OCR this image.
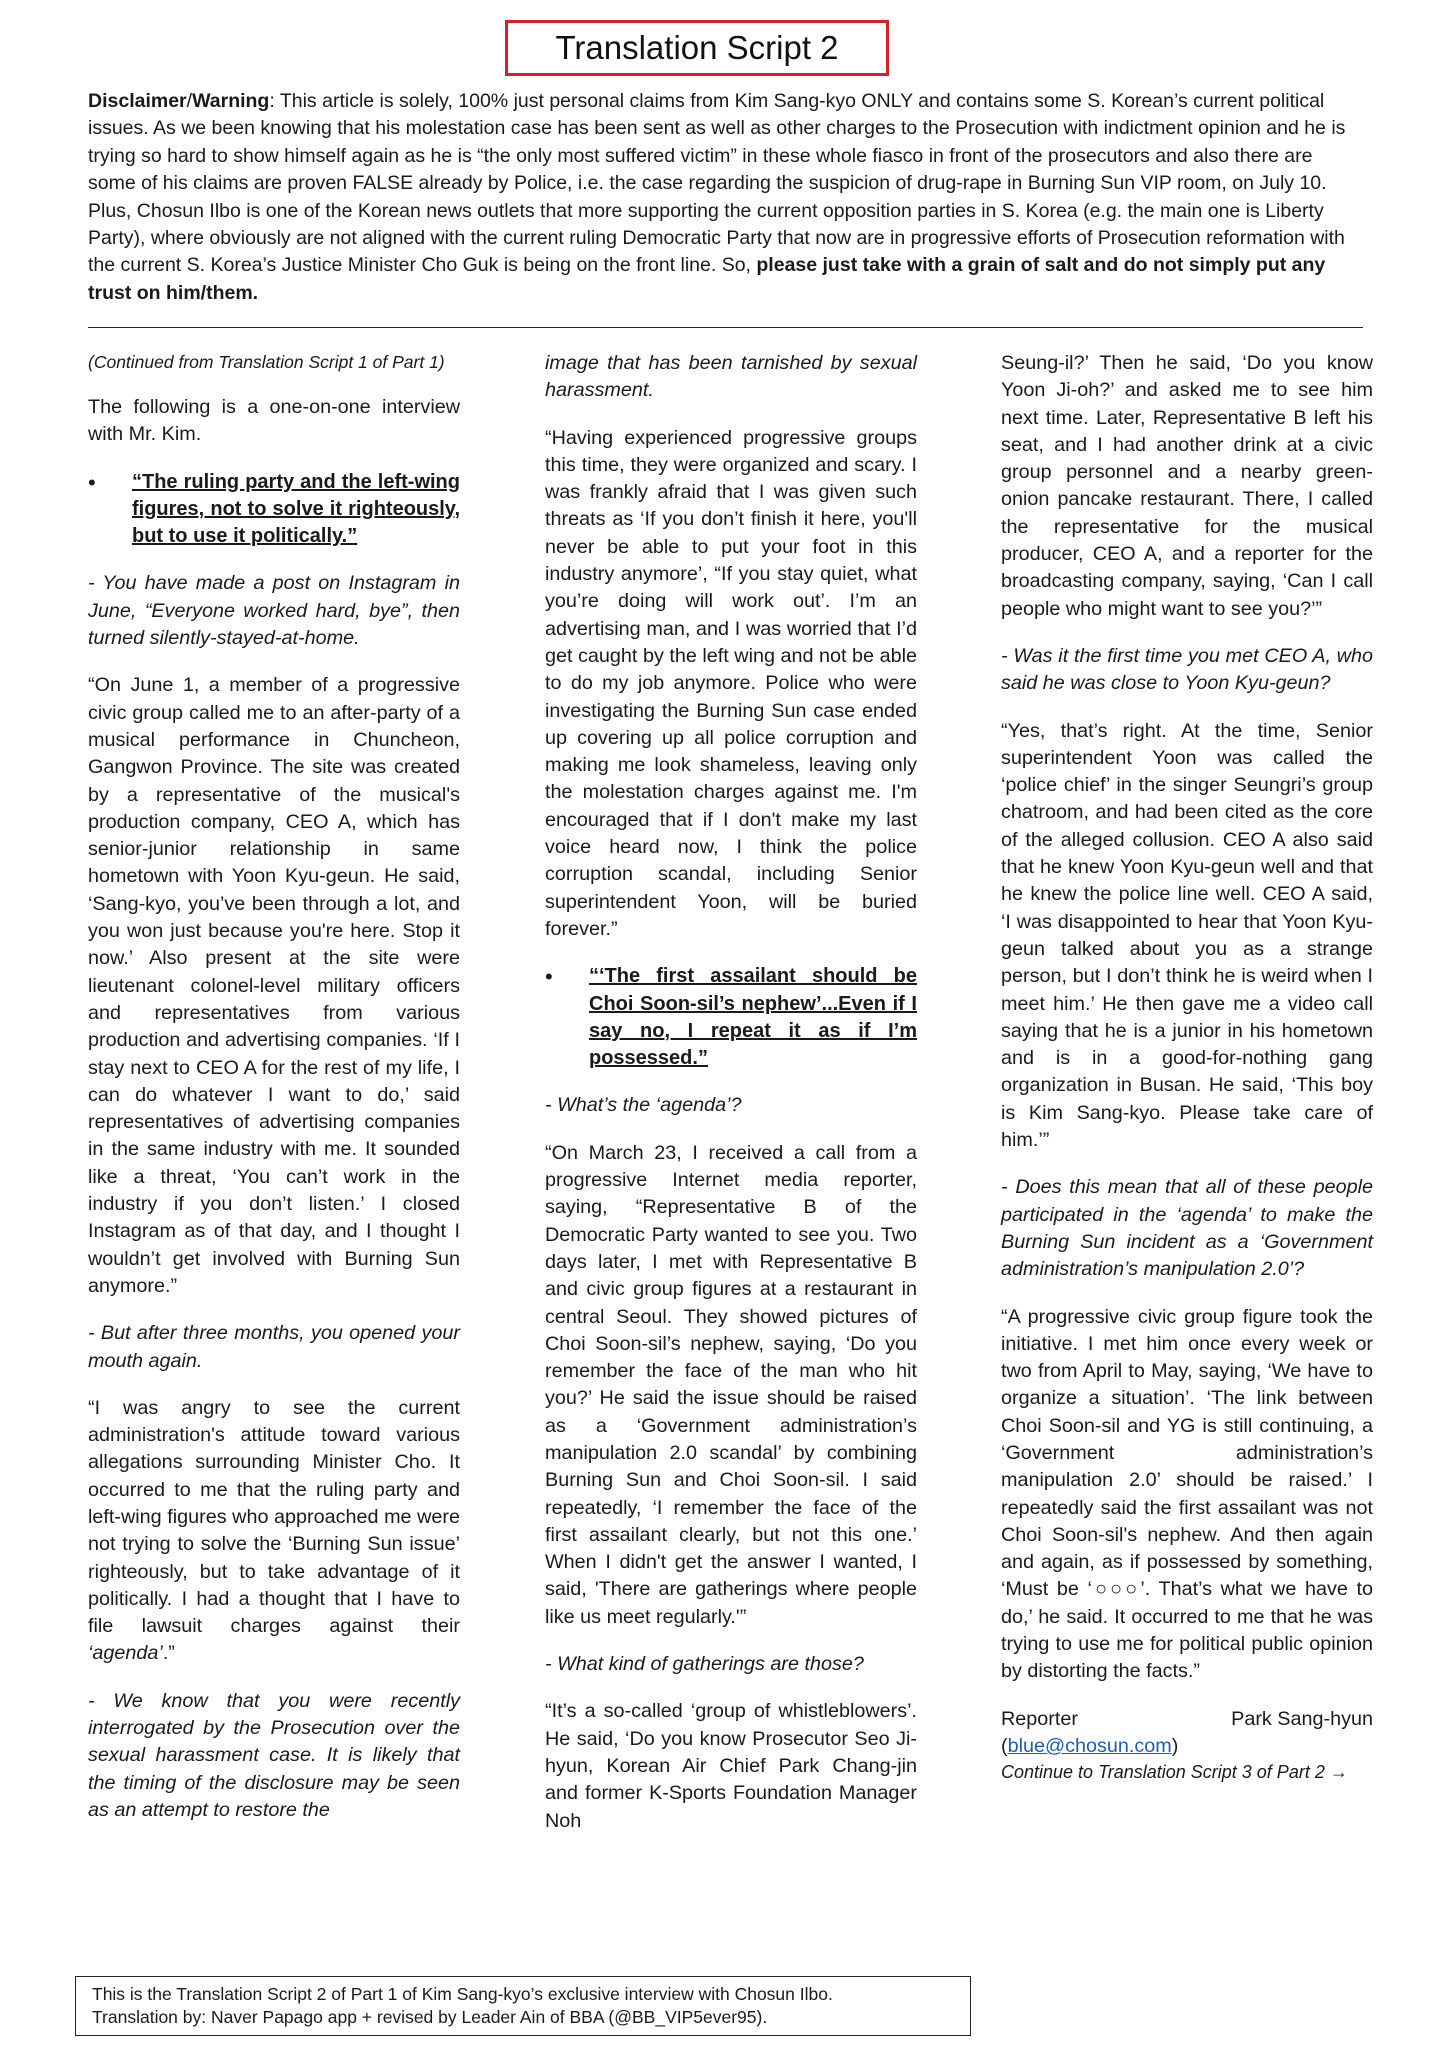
Translation Script 2
Disclaimer/Warning: This article is solely, 100% just personal claims from Kim Sang-kyo ONLY and contains some S. Korean’s current political issues. As we been knowing that his molestation case has been sent as well as other charges to the Prosecution with indictment opinion and he is trying so hard to show himself again as he is “the only most suffered victim” in these whole fiasco in front of the prosecutors and also there are some of his claims are proven FALSE already by Police, i.e. the case regarding the suspicion of drug-rape in Burning Sun VIP room, on July 10. Plus, Chosun Ilbo is one of the Korean news outlets that more supporting the current opposition parties in S. Korea (e.g. the main one is Liberty Party), where obviously are not aligned with the current ruling Democratic Party that now are in progressive efforts of Prosecution reformation with the current S. Korea’s Justice Minister Cho Guk is being on the front line. So, please just take with a grain of salt and do not simply put any trust on him/them.

(Continued from Translation Script 1 of Part 1)

The following is a one-on-one interview with Mr. Kim.

•	“The ruling party and the left-wing figures, not to solve it righteously, but to use it politically.”

- You have made a post on Instagram in June, “Everyone worked hard, bye”, then turned silently-stayed-at-home.

“On June 1, a member of a progressive civic group called me to an after-party of a musical performance in Chuncheon, Gangwon Province. The site was created by a representative of the musical's production company, CEO A, which has senior-junior relationship in same hometown with Yoon Kyu-geun. He said, ‘Sang-kyo, you’ve been through a lot, and you won just because you're here. Stop it now.’ Also present at the site were lieutenant colonel-level military officers and representatives from various production and advertising companies. ‘If I stay next to CEO A for the rest of my life, I can do whatever I want to do,’ said representatives of advertising companies in the same industry with me. It sounded like a threat, ‘You can’t work in the industry if you don’t listen.’ I closed Instagram as of that day, and I thought I wouldn’t get involved with Burning Sun anymore.”

- But after three months, you opened your mouth again.

“I was angry to see the current administration's attitude toward various allegations surrounding Minister Cho. It occurred to me that the ruling party and left-wing figures who approached me were not trying to solve the ‘Burning Sun issue’ righteously, but to take advantage of it politically. I had a thought that I have to file lawsuit charges against their ‘agenda’.”

- We know that you were recently interrogated by the Prosecution over the sexual harassment case. It is likely that the timing of the disclosure may be seen as an attempt to restore the

image that has been tarnished by sexual harassment.

“Having experienced progressive groups this time, they were organized and scary. I was frankly afraid that I was given such threats as ‘If you don’t finish it here, you'll never be able to put your foot in this industry anymore’, “If you stay quiet, what you’re doing will work out’. I’m an advertising man, and I was worried that I’d get caught by the left wing and not be able to do my job anymore. Police who were investigating the Burning Sun case ended up covering up all police corruption and making me look shameless, leaving only the molestation charges against me. I'm encouraged that if I don't make my last voice heard now, I think the police corruption scandal, including Senior superintendent Yoon, will be buried forever.”

•	“‘The first assailant should be Choi Soon-sil’s nephew’...Even if I say no, I repeat it as if I’m possessed.”

- What’s the ‘agenda’?

“On March 23, I received a call from a progressive Internet media reporter, saying, “Representative B of the Democratic Party wanted to see you. Two days later, I met with Representative B and civic group figures at a restaurant in central Seoul. They showed pictures of Choi Soon-sil’s nephew, saying, ‘Do you remember the face of the man who hit you?’ He said the issue should be raised as a ‘Government administration’s manipulation 2.0 scandal’ by combining Burning Sun and Choi Soon-sil. I said repeatedly, ‘I remember the face of the first assailant clearly, but not this one.’ When I didn't get the answer I wanted, I said, 'There are gatherings where people like us meet regularly.'”

- What kind of gatherings are those?

“It’s a so-called ‘group of whistleblowers’. He said, ‘Do you know Prosecutor Seo Ji-hyun, Korean Air Chief Park Chang-jin and former K-Sports Foundation Manager Noh

Seung-il?’ Then he said, ‘Do you know Yoon Ji-oh?’ and asked me to see him next time. Later, Representative B left his seat, and I had another drink at a civic group personnel and a nearby green-onion pancake restaurant. There, I called the representative for the musical producer, CEO A, and a reporter for the broadcasting company, saying, ‘Can I call people who might want to see you?’”

- Was it the first time you met CEO A, who said he was close to Yoon Kyu-geun?

“Yes, that’s right. At the time, Senior superintendent Yoon was called the ‘police chief’ in the singer Seungri’s group chatroom, and had been cited as the core of the alleged collusion. CEO A also said that he knew Yoon Kyu-geun well and that he knew the police line well. CEO A said, ‘I was disappointed to hear that Yoon Kyu-geun talked about you as a strange person, but I don’t think he is weird when I meet him.’ He then gave me a video call saying that he is a junior in his hometown and is in a good-for-nothing gang organization in Busan. He said, ‘This boy is Kim Sang-kyo. Please take care of him.’”

- Does this mean that all of these people participated in the ‘agenda’ to make the Burning Sun incident as a ‘Government administration’s manipulation 2.0’?

“A progressive civic group figure took the initiative. I met him once every week or two from April to May, saying, ‘We have to organize a situation’. ‘The link between Choi Soon-sil and YG is still continuing, a ‘Government administration’s manipulation 2.0’ should be raised.’ I repeatedly said the first assailant was not Choi Soon-sil's nephew. And then again and again, as if possessed by something, ‘Must be ‘○○○’. That’s what we have to do,’ he said. It occurred to me that he was trying to use me for political public opinion by distorting the facts.”

Reporter	Park Sang-hyun
(blue@chosun.com)

Continue to Translation Script 3 of Part 2 →

This is the Translation Script 2 of Part 1 of Kim Sang-kyo’s exclusive interview with Chosun Ilbo.
Translation by: Naver Papago app + revised by Leader Ain of BBA (@BB_VIP5ever95).
